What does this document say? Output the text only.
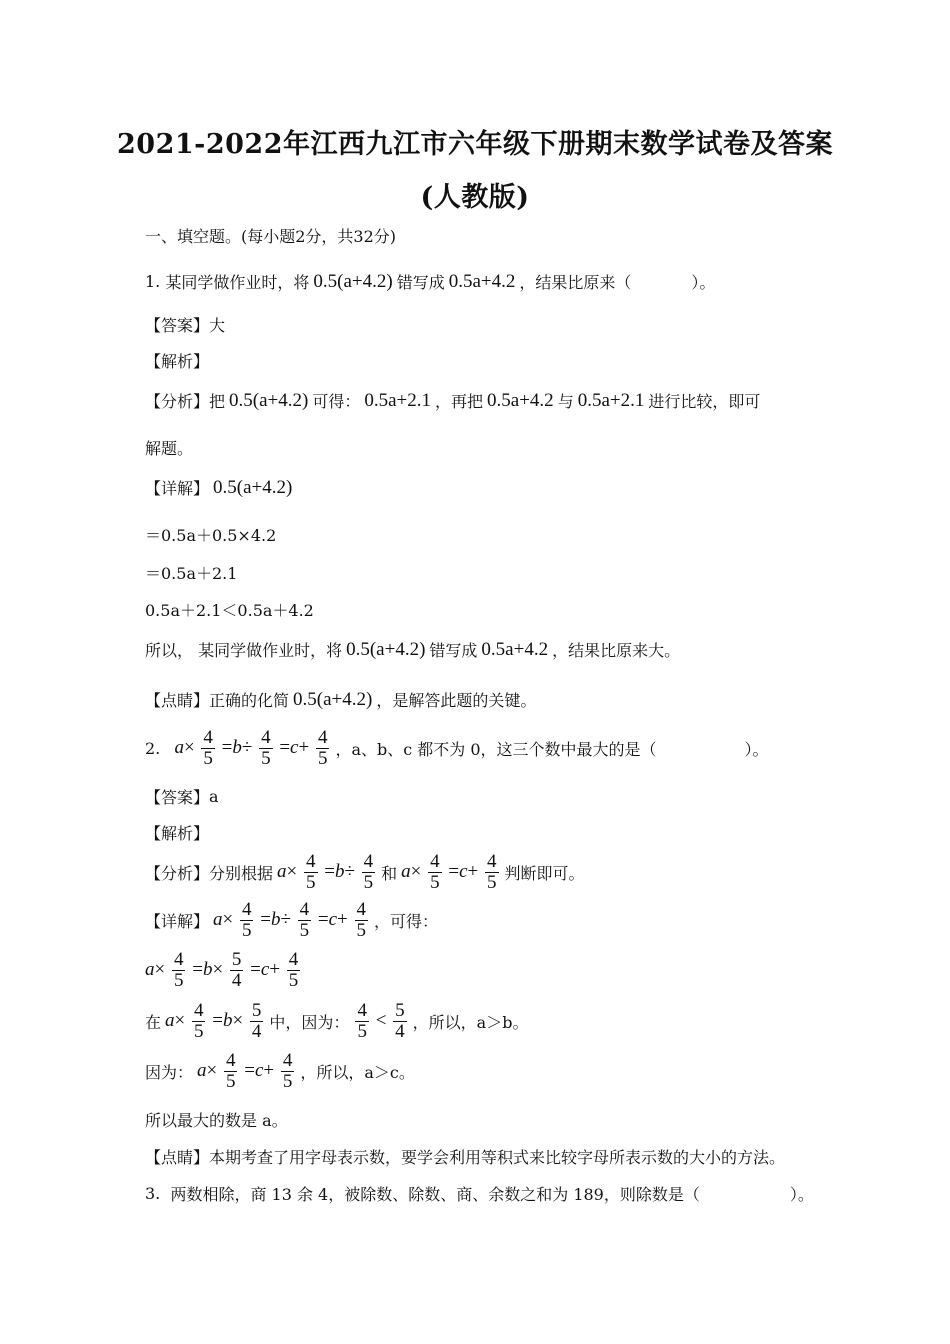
2021-2022年江西九江市六年级下册期末数学试卷及答案
(人教版)
一、填空题。(每小题2分，共32分)
1.
某同学做作业时，将 0.5(a+4.2) 错写成 0.5a+4.2 ，结果比原来（	）。
【答案】 大
【解析】
【分析】 把 0.5(a+4.2) 可得： 0.5a+2.1 ，再把 0.5a+4.2 与 0.5a+2.1 进行比较，即可
解题。
【详解】 0.5(a+4.2)
＝0.5a＋0.5×4.2
＝0.5a＋2.1
0.5a＋2.1＜0.5a＋4.2
所以， 某同学做作业时，将 0.5(a+4.2) 错写成 0.5a+4.2 ，结果比原来大。
【点睛】 正确的化简 0.5(a+4.2) ，是解答此题的关键。
2.
$a\times \frac{4}{5} =b\div \frac{4}{5} =c+ \frac{4}{5}$ ，a、b、c 都不为 0，这三个数中最大的是（	）。
【答案】 a
【解析】
【分析】 分别根据 $a\times \frac{4}{5} =b\div \frac{4}{5}$ 和 $a\times \frac{4}{5} =c+ \frac{4}{5}$ 判断即可。
【详解】 $a\times \frac{4}{5} =b\div \frac{4}{5} =c+ \frac{4}{5}$ ，可得：
$a\times \frac{4}{5} =b\times \frac{5}{4} =c+ \frac{4}{5}$
在 $a\times \frac{4}{5} =b\times \frac{5}{4}$ 中，因为： $\frac{4}{5} < \frac{5}{4}$ ，所以，a＞b。
因为： $a\times \frac{4}{5} =c+ \frac{4}{5}$ ，所以，a＞c。
所以最大的数是 a。
【点睛】 本期考查了用字母表示数，要学会利用等积式来比较字母所表示数的大小的方法。
3.
两数相除，商 13 余 4，被除数、除数、商、余数之和为 189，则除数是（	）。
